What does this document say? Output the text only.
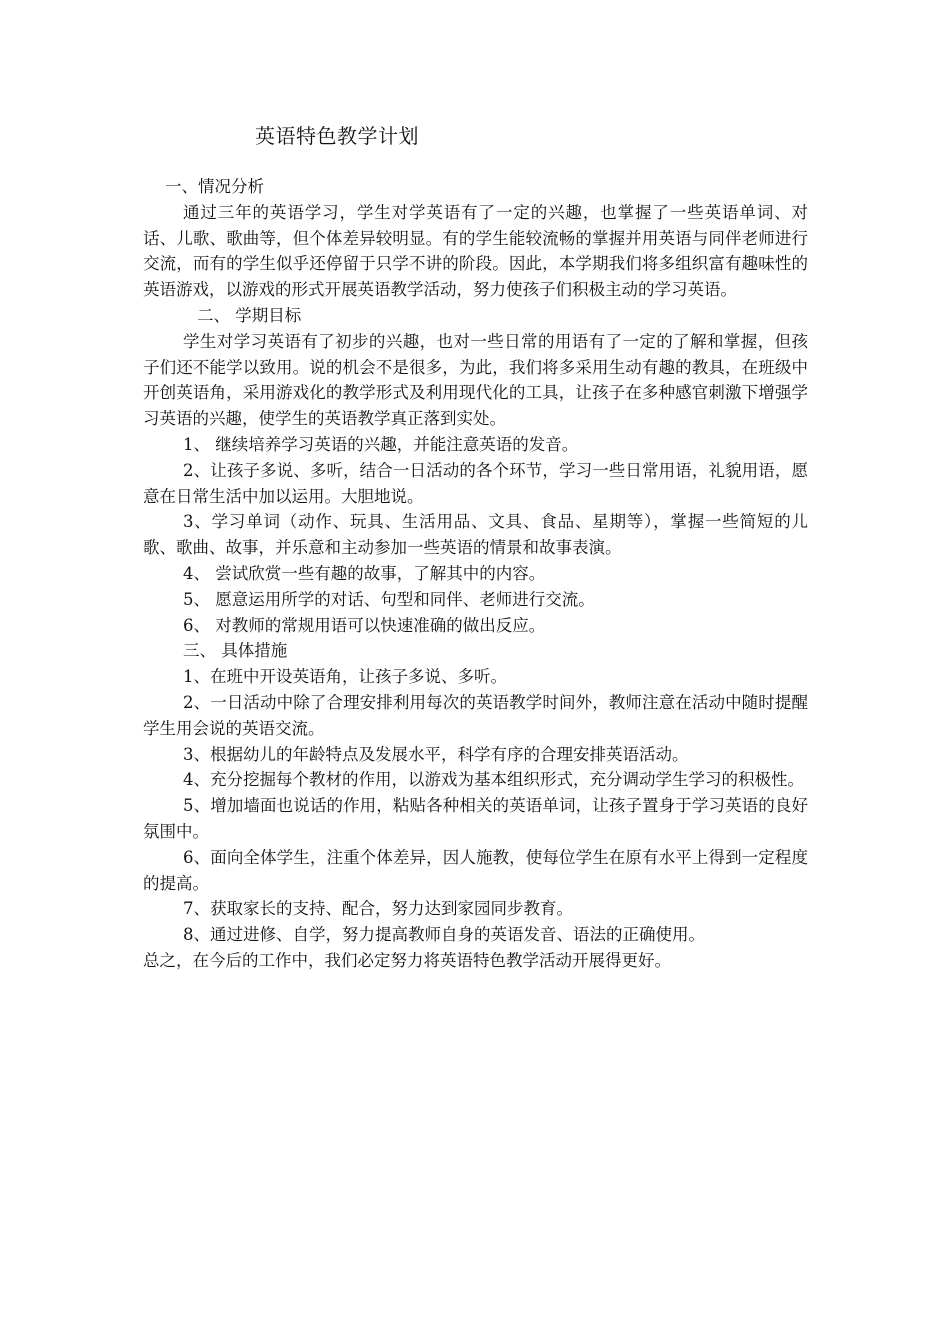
英语特色教学计划

一、情况分析

通过三年的英语学习，学生对学英语有了一定的兴趣，也掌握了一些英语单词、对话、儿歌、歌曲等，但个体差异较明显。有的学生能较流畅的掌握并用英语与同伴老师进行交流，而有的学生似乎还停留于只学不讲的阶段。因此，本学期我们将多组织富有趣味性的英语游戏，以游戏的形式开展英语教学活动，努力使孩子们积极主动的学习英语。

二、 学期目标

学生对学习英语有了初步的兴趣，也对一些日常的用语有了一定的了解和掌握，但孩子们还不能学以致用。说的机会不是很多，为此，我们将多采用生动有趣的教具，在班级中开创英语角，采用游戏化的教学形式及利用现代化的工具，让孩子在多种感官刺激下增强学习英语的兴趣，使学生的英语教学真正落到实处。

1、 继续培养学习英语的兴趣，并能注意英语的发音。

2、让孩子多说、多听，结合一日活动的各个环节，学习一些日常用语，礼貌用语，愿意在日常生活中加以运用。大胆地说。

3、学习单词（动作、玩具、生活用品、文具、食品、星期等），掌握一些简短的儿歌、歌曲、故事，并乐意和主动参加一些英语的情景和故事表演。

4、 尝试欣赏一些有趣的故事，了解其中的内容。

5、 愿意运用所学的对话、句型和同伴、老师进行交流。

6、 对教师的常规用语可以快速准确的做出反应。

三、 具体措施

1、在班中开设英语角，让孩子多说、多听。

2、一日活动中除了合理安排利用每次的英语教学时间外，教师注意在活动中随时提醒学生用会说的英语交流。

3、根据幼儿的年龄特点及发展水平，科学有序的合理安排英语活动。

4、充分挖掘每个教材的作用，以游戏为基本组织形式，充分调动学生学习的积极性。

5、增加墙面也说话的作用，粘贴各种相关的英语单词，让孩子置身于学习英语的良好氛围中。

6、面向全体学生，注重个体差异，因人施教，使每位学生在原有水平上得到一定程度的提高。

7、获取家长的支持、配合，努力达到家园同步教育。

8、通过进修、自学，努力提高教师自身的英语发音、语法的正确使用。

总之，在今后的工作中，我们必定努力将英语特色教学活动开展得更好。
